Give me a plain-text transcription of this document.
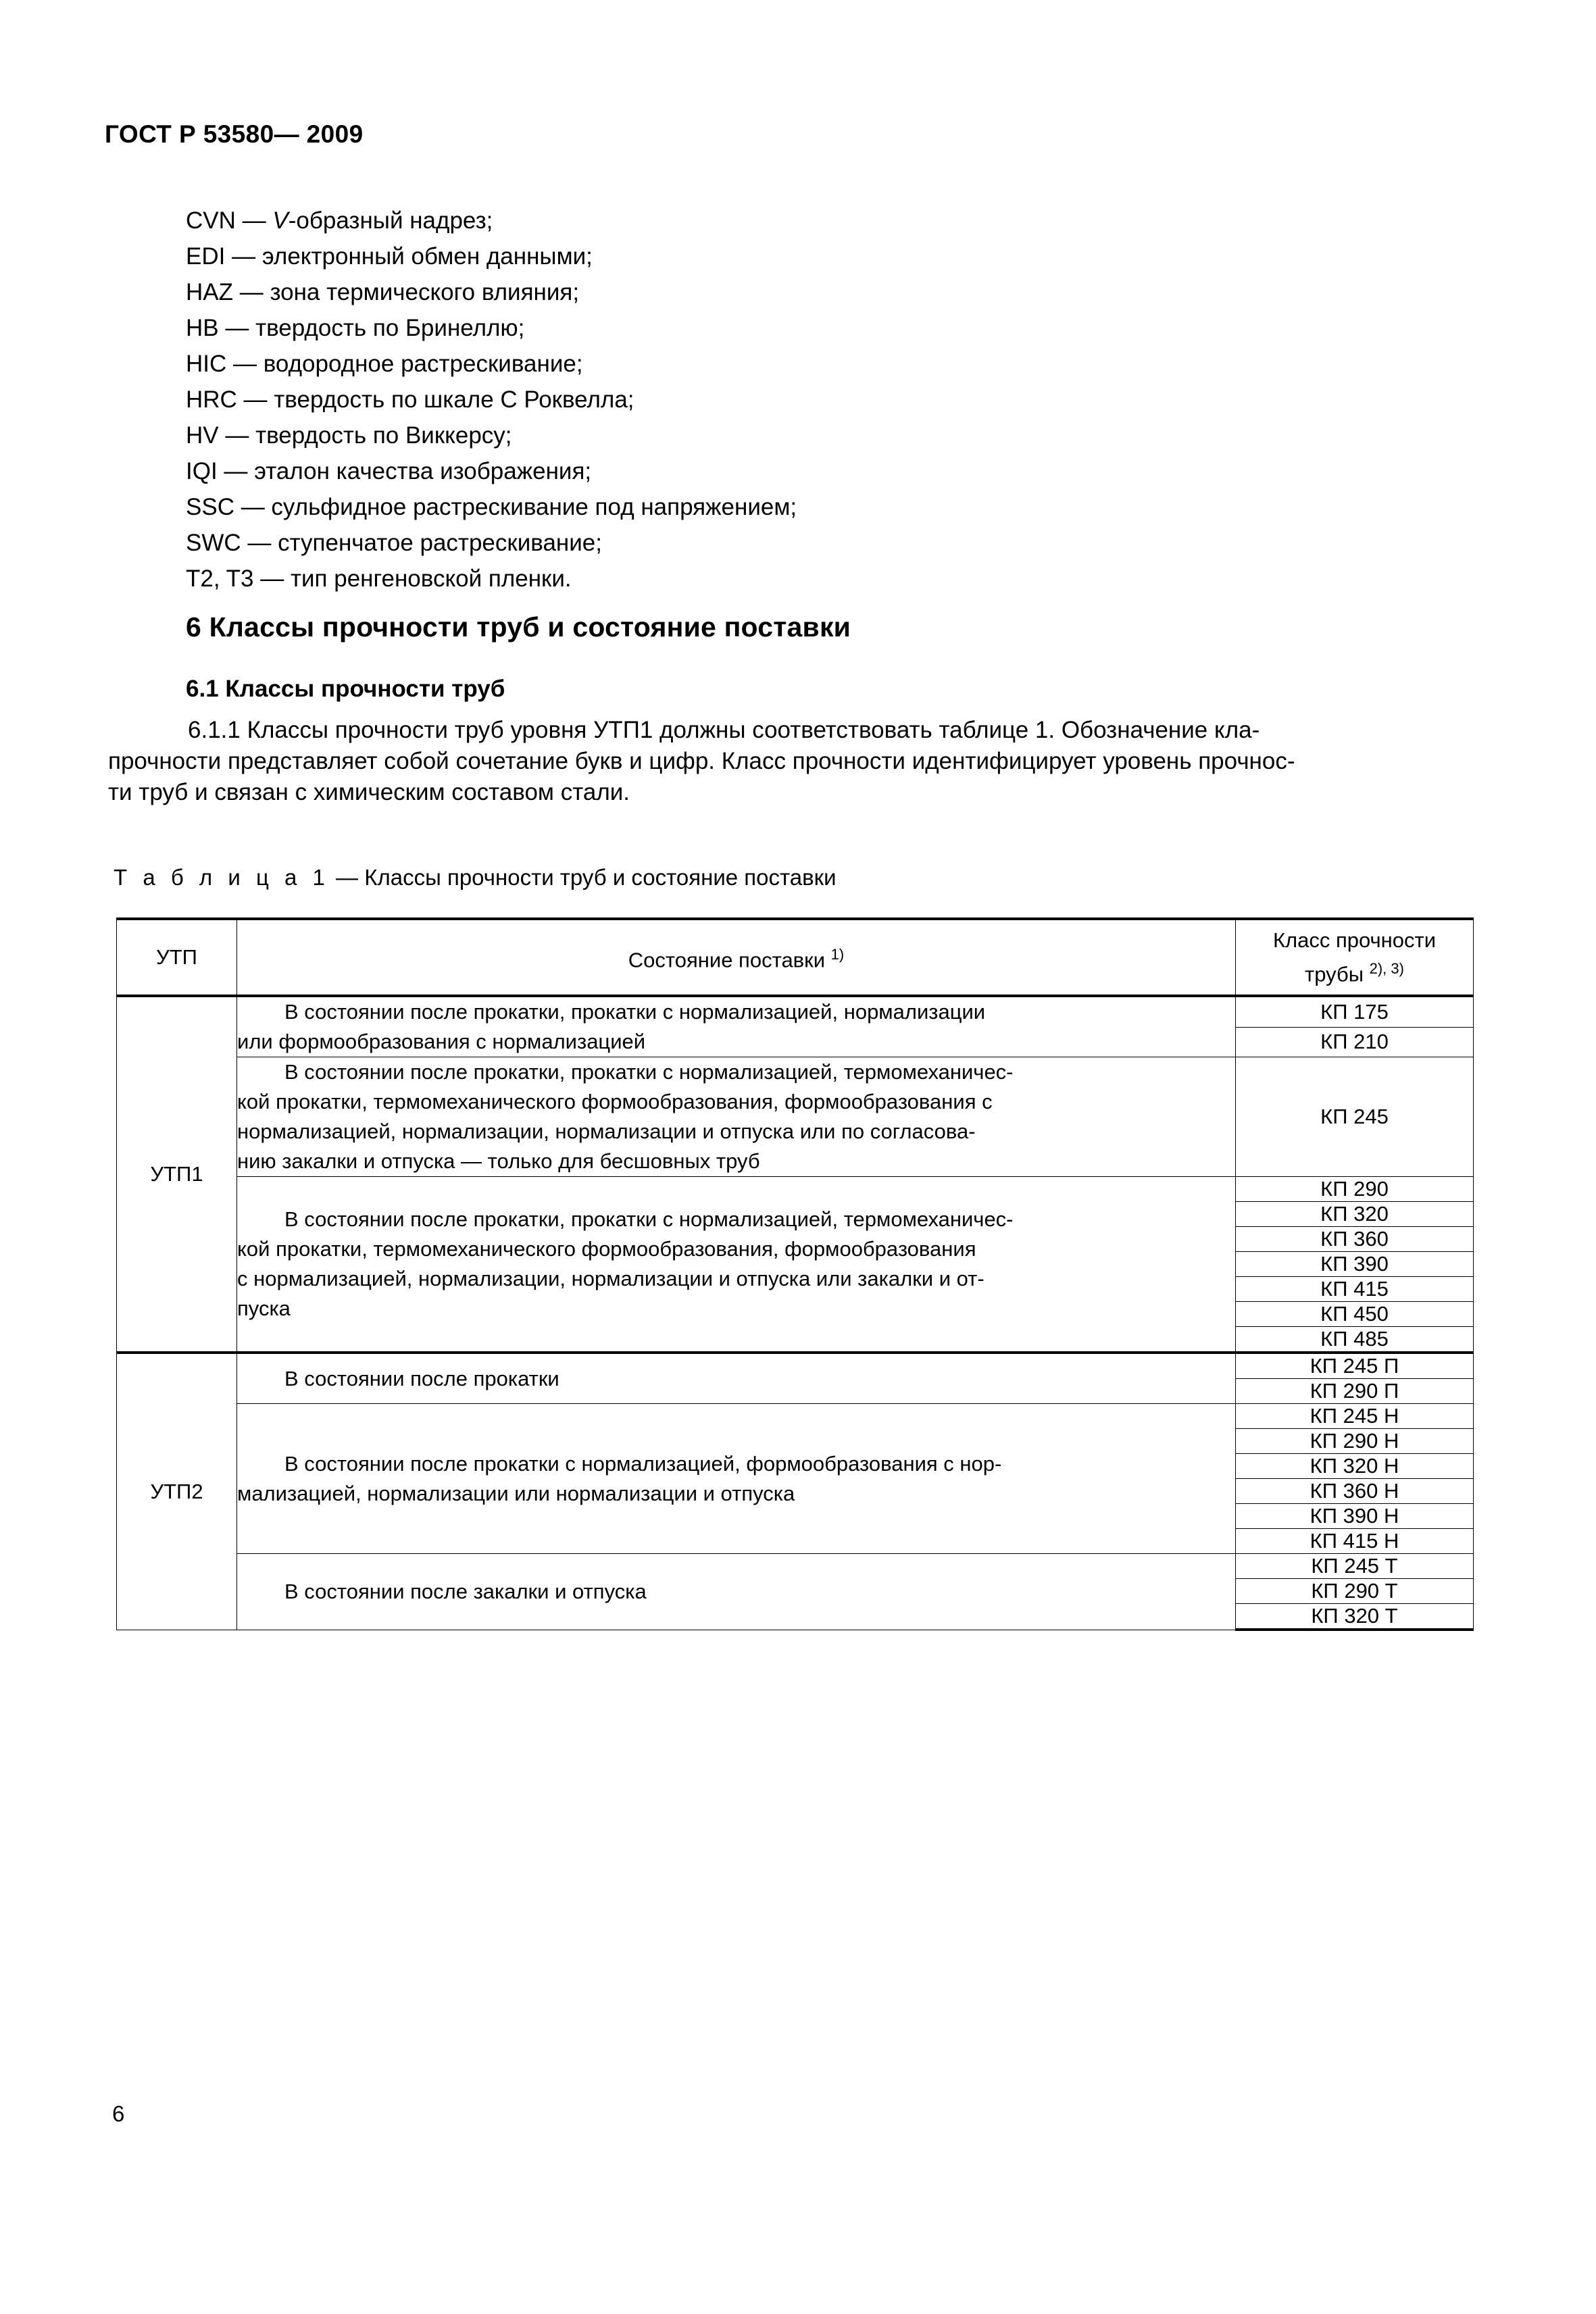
ГОСТ Р 53580— 2009
CVN — V-образный надрез;
EDI — электронный обмен данными;
HAZ — зона термического влияния;
HB — твердость по Бринеллю;
HIC — водородное растрескивание;
HRC — твердость по шкале С Роквелла;
HV — твердость по Виккерсу;
IQI — эталон качества изображения;
SSC — сульфидное растрескивание под напряжением;
SWC — ступенчатое растрескивание;
T2, T3 — тип ренгеновской пленки.
6 Классы прочности труб и состояние поставки
6.1 Классы прочности труб
6.1.1 Классы прочности труб уровня УТП1 должны соответствовать таблице 1. Обозначение кла-
прочности представляет собой сочетание букв и цифр. Класс прочности идентифицирует уровень прочнос-
ти труб и связан с химическим составом стали.
Т а б л и ц а 1 — Классы прочности труб и состояние поставки
УТП	Состояние поставки $^{1)}$	Класс прочности
трубы $^{2), 3)}$
УТП1	В состоянии после прокатки, прокатки с нормализацией, нормализации
или формообразования с нормализацией	КП 175
		КП 210

	В состоянии после прокатки, прокатки с нормализацией, термомеханичес-
кой прокатки, термомеханического формообразования, формообразования с
нормализацией, нормализации, нормализации и отпуска или по согласова-
нию закалки и отпуска — только для бесшовных труб	КП 245

	В состоянии после прокатки, прокатки с нормализацией, термомеханичес-
кой прокатки, термомеханического формообразования, формообразования
с нормализацией, нормализации, нормализации и отпуска или закалки и от-
пуска	КП 290
		КП 320
		КП 360
		КП 390
		КП 415
		КП 450
		КП 485
УТП2	В состоянии после прокатки	КП 245 П
		КП 290 П

	В состоянии после прокатки с нормализацией, формообразования с нор-
мализацией, нормализации или нормализации и отпуска	КП 245 Н
		КП 290 Н
		КП 320 Н
		КП 360 Н
		КП 390 Н
		КП 415 Н

	В состоянии после закалки и отпуска	КП 245 Т
		КП 290 Т
		КП 320 Т
6
